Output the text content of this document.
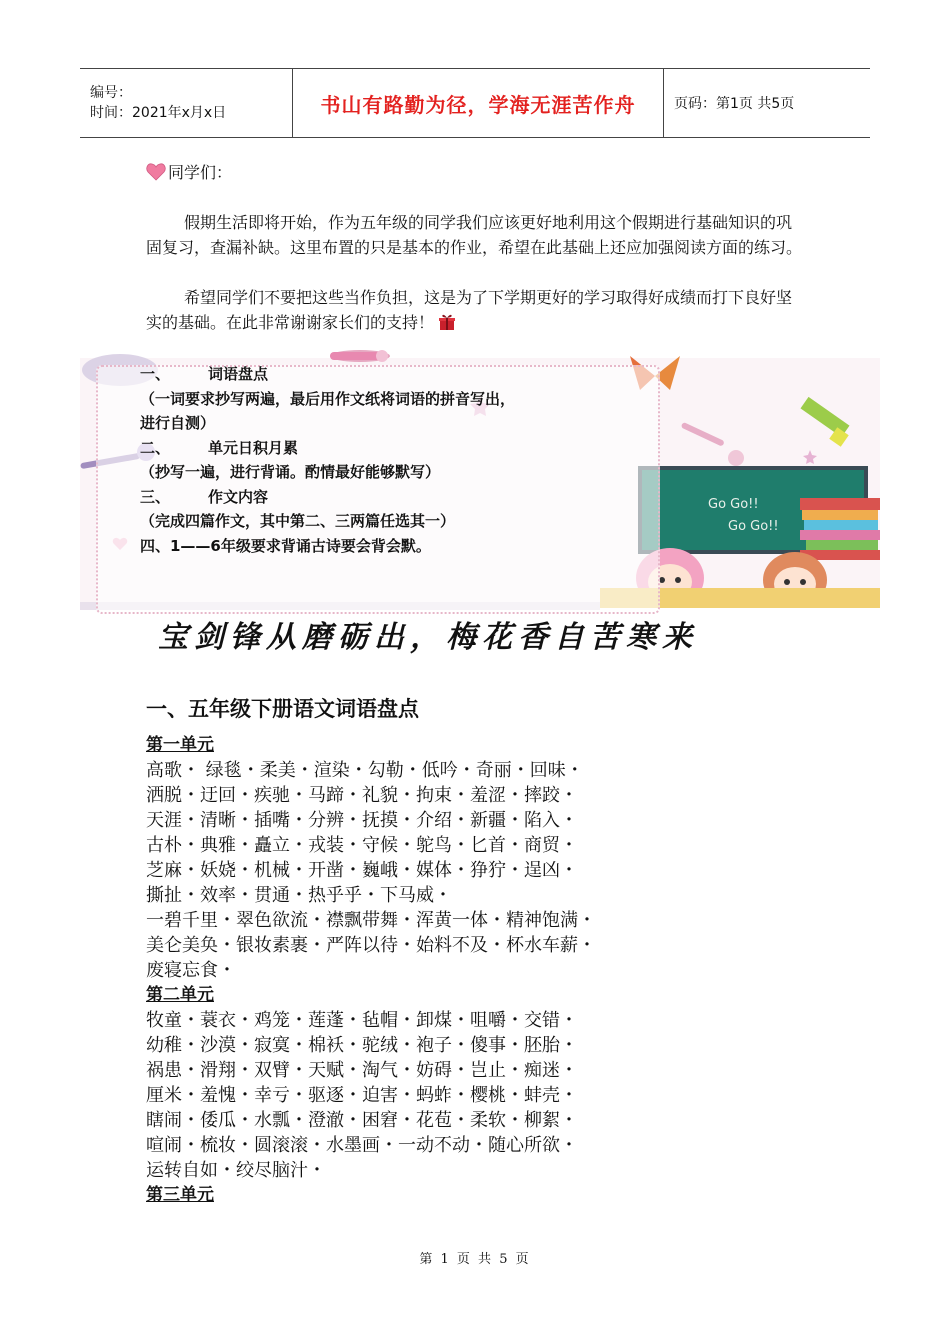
编号：
时间：2021年x月x日	书山有路勤为径，学海无涯苦作舟	页码：第1页 共5页
同学们：
假期生活即将开始，作为五年级的同学我们应该更好地利用这个假期进行基础知识的巩固复习，查漏补缺。这里布置的只是基本的作业，希望在此基础上还应加强阅读方面的练习。
希望同学们不要把这些当作负担，这是为了下学期更好的学习取得好成绩而打下良好坚实的基础。在此非常谢谢家长们的支持！
Go Go!!
Go Go!!
一、	词语盘点
（一词要求抄写两遍，最后用作文纸将词语的拼音写出，
进行自测）
二、	单元日积月累
（抄写一遍，进行背诵。酌情最好能够默写）
三、	作文内容
（完成四篇作文，其中第二、三两篇任选其一）
四、1——6年级要求背诵古诗要会背会默。
宝剑锋从磨砺出，梅花香自苦寒来
一、五年级下册语文词语盘点
第一单元
高歌・ 绿毯・柔美・渲染・勾勒・低吟・奇丽・回味・
洒脱・迂回・疾驰・马蹄・礼貌・拘束・羞涩・摔跤・
天涯・清晰・插嘴・分辨・抚摸・介绍・新疆・陷入・
古朴・典雅・矗立・戎装・守候・鸵鸟・匕首・商贸・
芝麻・妖娆・机械・开凿・巍峨・媒体・狰狞・逞凶・
撕扯・效率・贯通・热乎乎・下马威・
一碧千里・翠色欲流・襟飘带舞・浑黄一体・精神饱满・
美仑美奂・银妆素裹・严阵以待・始料不及・杯水车薪・
废寝忘食・
第二单元
牧童・蓑衣・鸡笼・莲蓬・毡帽・卸煤・咀嚼・交错・
幼稚・沙漠・寂寞・棉袄・驼绒・袍子・傻事・胚胎・
祸患・滑翔・双臂・天赋・淘气・妨碍・岂止・痴迷・
厘米・羞愧・幸亏・驱逐・迫害・蚂蚱・樱桃・蚌壳・
瞎闹・倭瓜・水瓢・澄澈・困窘・花苞・柔软・柳絮・
喧闹・梳妆・圆滚滚・水墨画・一动不动・随心所欲・
运转自如・绞尽脑汁・
第三单元
第 1 页 共 5 页
